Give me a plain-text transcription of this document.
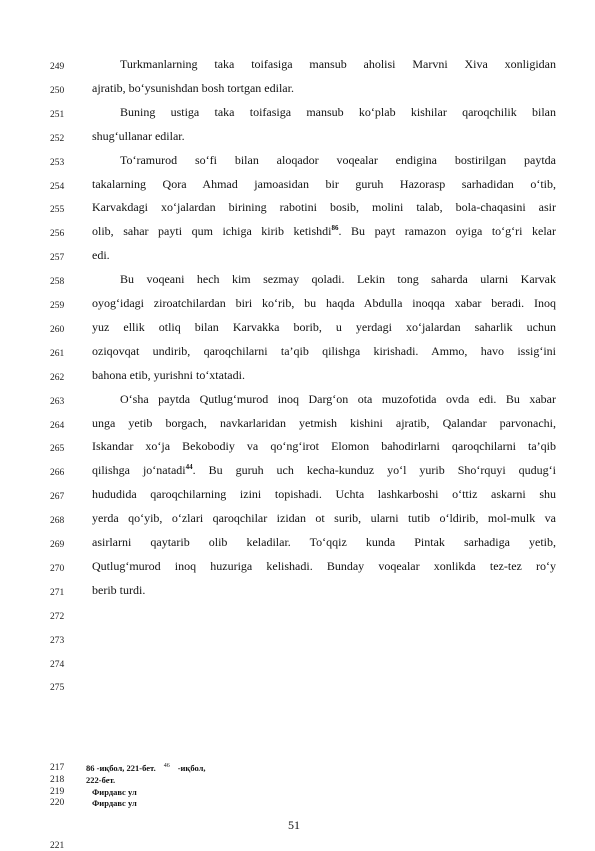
249
250
251
252
253
254
255
256
257
258
259
260
261
262
263
264
265
266
267
268
269
270
271
272
273
274
275
Turkmanlarning taka toifasiga mansub aholisi Marvni Xiva xonligidan
ajratib, bo‘ysunishdan bosh tortgan edilar.
Buning ustiga taka toifasiga mansub ko‘plab kishilar qaroqchilik bilan
shug‘ullanar edilar.
To‘ramurod so‘fi bilan aloqador voqealar endigina bostirilgan paytda
takalarning Qora Ahmad jamoasidan bir guruh Hazorasp sarhadidan o‘tib,
Karvakdagi xo‘jalardan birining rabotini bosib, molini talab, bola-chaqasini asir
olib, sahar payti qum ichiga kirib ketishdi$^{86}$. Bu payt ramazon oyiga to‘g‘ri kelar
edi.
Bu voqeani hech kim sezmay qoladi. Lekin tong saharda ularni Karvak
oyog‘idagi ziroatchilardan biri ko‘rib, bu haqda Abdulla inoqqa xabar beradi. Inoq
yuz ellik otliq bilan Karvakka borib, u yerdagi xo‘jalardan saharlik uchun
oziqovqat undirib, qaroqchilarni ta’qib qilishga kirishadi. Ammo, havo issig‘ini
bahona etib, yurishni to‘xtatadi.
O‘sha paytda Qutlug‘murod inoq Darg‘on ota muzofotida ovda edi. Bu xabar
unga yetib borgach, navkarlaridan yetmish kishini ajratib, Qalandar parvonachi,
Iskandar xo‘ja Bekobodiy va qo‘ng‘irot Elomon bahodirlarni qaroqchilarni ta’qib
qilishga jo‘natadi$^{44}$. Bu guruh uch kecha-kunduz yo‘l yurib Sho‘rquyi qudug‘i
hududida qaroqchilarning izini topishadi. Uchta lashkarboshi o‘ttiz askarni shu
yerda qo‘yib, o‘zlari qaroqchilar izidan ot surib, ularni tutib o‘ldirib, mol-mulk va
asirlarni qaytarib olib keladilar. To‘qqiz kunda Pintak sarhadiga yetib,
Qutlug‘murod inoq huzuriga kelishadi. Bunday voqealar xonlikda tez-tez ro‘y
berib turdi.
217
218
219
220
221
86 -иқбол, 221-бет. $^{46}$ -иқбол,
222-бет.
Фирдавс ул
Фирдавс ул
51
